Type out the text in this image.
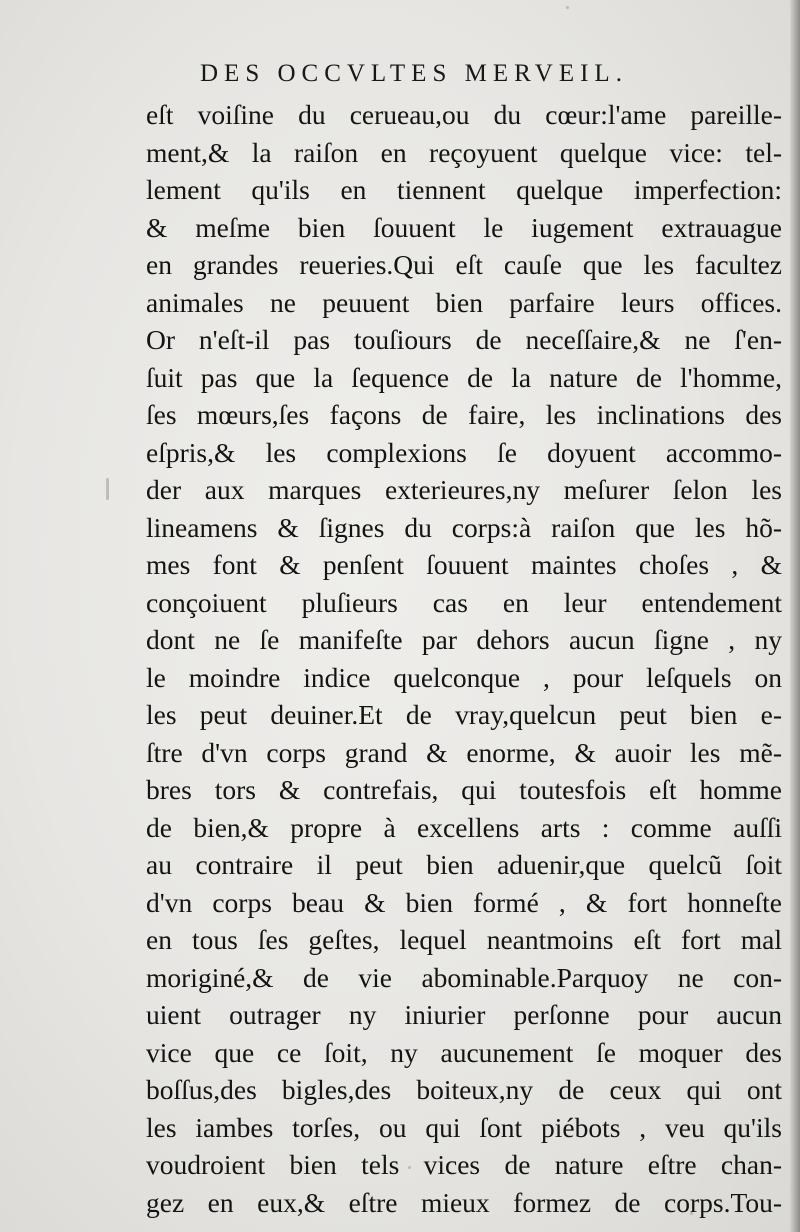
DES OCCVLTES MERVEIL.
eſt voiſine du cerueau,ou du cœur:l'ame pareille-
ment,& la raiſon en reçoyuent quelque vice: tel-
lement qu'ils en tiennent quelque imperfection:
& meſme bien ſouuent le iugement extrauague
en grandes reueries.Qui eſt cauſe que les facultez
animales ne peuuent bien parfaire leurs offices.
Or n'eſt-il pas touſiours de neceſſaire,& ne ſ'en-
ſuit pas que la ſequence de la nature de l'homme,
ſes mœurs,ſes façons de faire, les inclinations des
eſpris,& les complexions ſe doyuent accommo-
der aux marques exterieures,ny meſurer ſelon les
lineamens & ſignes du corps:à raiſon que les hõ-
mes font & penſent ſouuent maintes choſes , &
conçoiuent pluſieurs cas en leur entendement
dont ne ſe manifeſte par dehors aucun ſigne , ny
le moindre indice quelconque , pour leſquels on
les peut deuiner.Et de vray,quelcun peut bien e-
ſtre d'vn corps grand & enorme, & auoir les mẽ-
bres tors & contrefais, qui toutesfois eſt homme
de bien,& propre à excellens arts : comme auſſi
au contraire il peut bien aduenir,que quelcũ ſoit
d'vn corps beau & bien formé , & fort honneſte
en tous ſes geſtes, lequel neantmoins eſt fort mal
moriginé,& de vie abominable.Parquoy ne con-
uient outrager ny iniurier perſonne pour aucun
vice que ce ſoit, ny aucunement ſe moquer des
boſſus,des bigles,des boiteux,ny de ceux qui ont
les iambes torſes, ou qui ſont piébots , veu qu'ils
voudroient bien tels vices de nature eſtre chan-
gez en eux,& eſtre mieux formez de corps.Tou-
